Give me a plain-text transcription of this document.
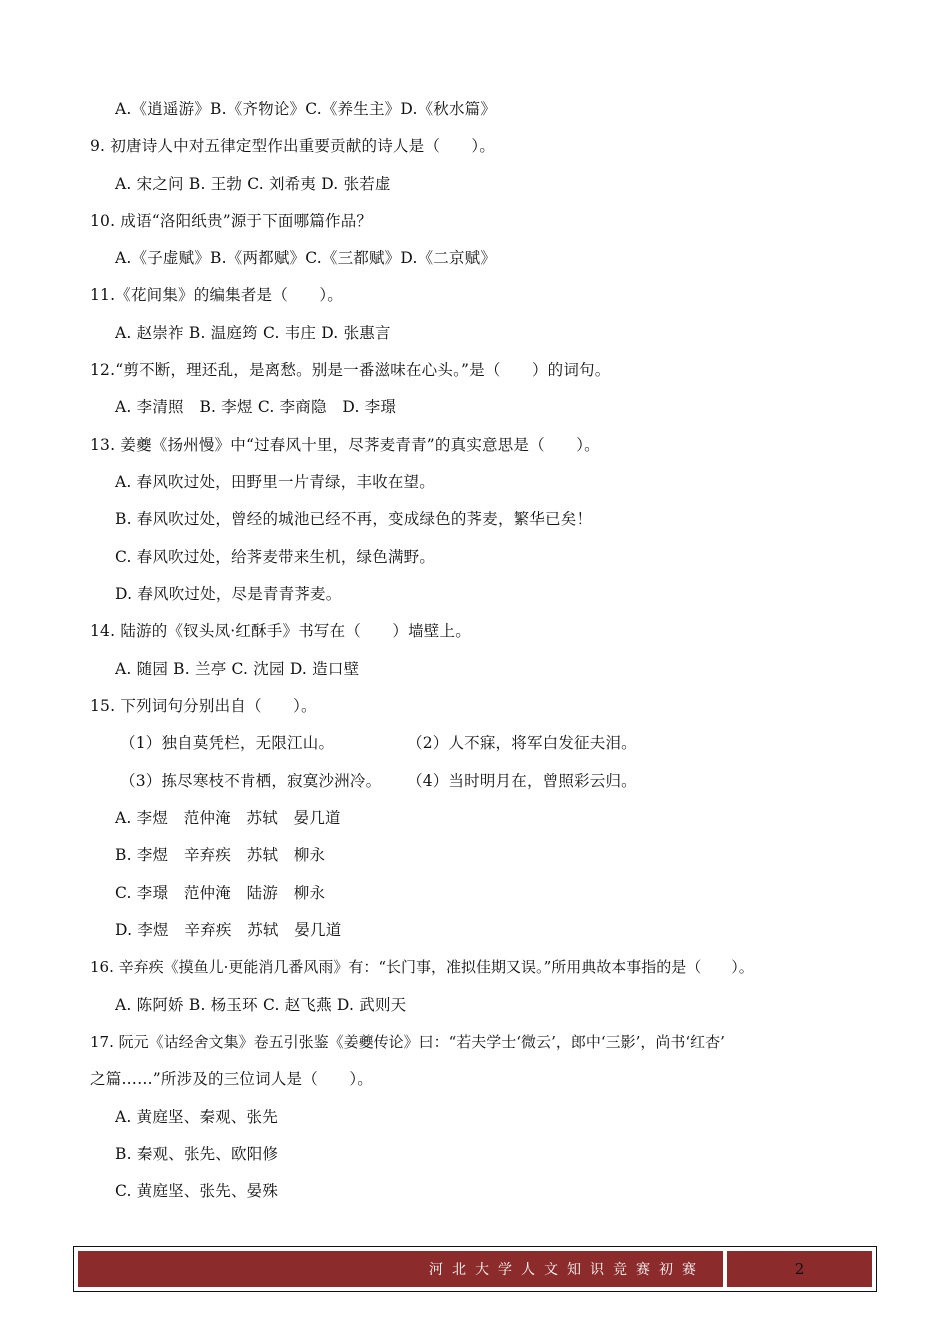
A.《逍遥游》B.《齐物论》C.《养生主》D.《秋水篇》
9. 初唐诗人中对五律定型作出重要贡献的诗人是（　　）。
A. 宋之问 B. 王勃 C. 刘希夷 D. 张若虚
10. 成语“洛阳纸贵”源于下面哪篇作品？
A.《子虚赋》B.《两都赋》C.《三都赋》D.《二京赋》
11.《花间集》的编集者是（　　）。
A. 赵崇祚 B. 温庭筠 C. 韦庄 D. 张惠言
12.“剪不断，理还乱，是离愁。别是一番滋味在心头。”是（　　）的词句。
A. 李清照　B. 李煜 C. 李商隐　D. 李璟
13. 姜夔《扬州慢》中“过春风十里，尽荠麦青青”的真实意思是（　　）。
A. 春风吹过处，田野里一片青绿，丰收在望。
B. 春风吹过处，曾经的城池已经不再，变成绿色的荠麦，繁华已矣！
C. 春风吹过处，给荠麦带来生机，绿色满野。
D. 春风吹过处，尽是青青荠麦。
14. 陆游的《钗头凤·红酥手》书写在（　　）墙壁上。
A. 随园 B. 兰亭 C. 沈园 D. 造口壁
15. 下列词句分别出自（　　）。
（1）独自莫凭栏，无限江山。	（2）人不寐，将军白发征夫泪。
（3）拣尽寒枝不肯栖，寂寞沙洲冷。 （4）当时明月在，曾照彩云归。
A. 李煜　范仲淹　苏轼　晏几道
B. 李煜　辛弃疾　苏轼　柳永
C. 李璟　范仲淹　陆游　柳永
D. 李煜　辛弃疾　苏轼　晏几道
16. 辛弃疾《摸鱼儿·更能消几番风雨》有：“长门事，准拟佳期又误。”所用典故本事指的是（　　）。
A. 陈阿娇 B. 杨玉环 C. 赵飞燕 D. 武则天
17. 阮元《诂经舍文集》卷五引张鉴《姜夔传论》曰：“若夫学士‘微云’，郎中‘三影’，尚书‘红杏’
之篇……”所涉及的三位词人是（　　）。
A. 黄庭坚、秦观、张先
B. 秦观、张先、欧阳修
C. 黄庭坚、张先、晏殊
河北大学人文知识竞赛初赛	2
